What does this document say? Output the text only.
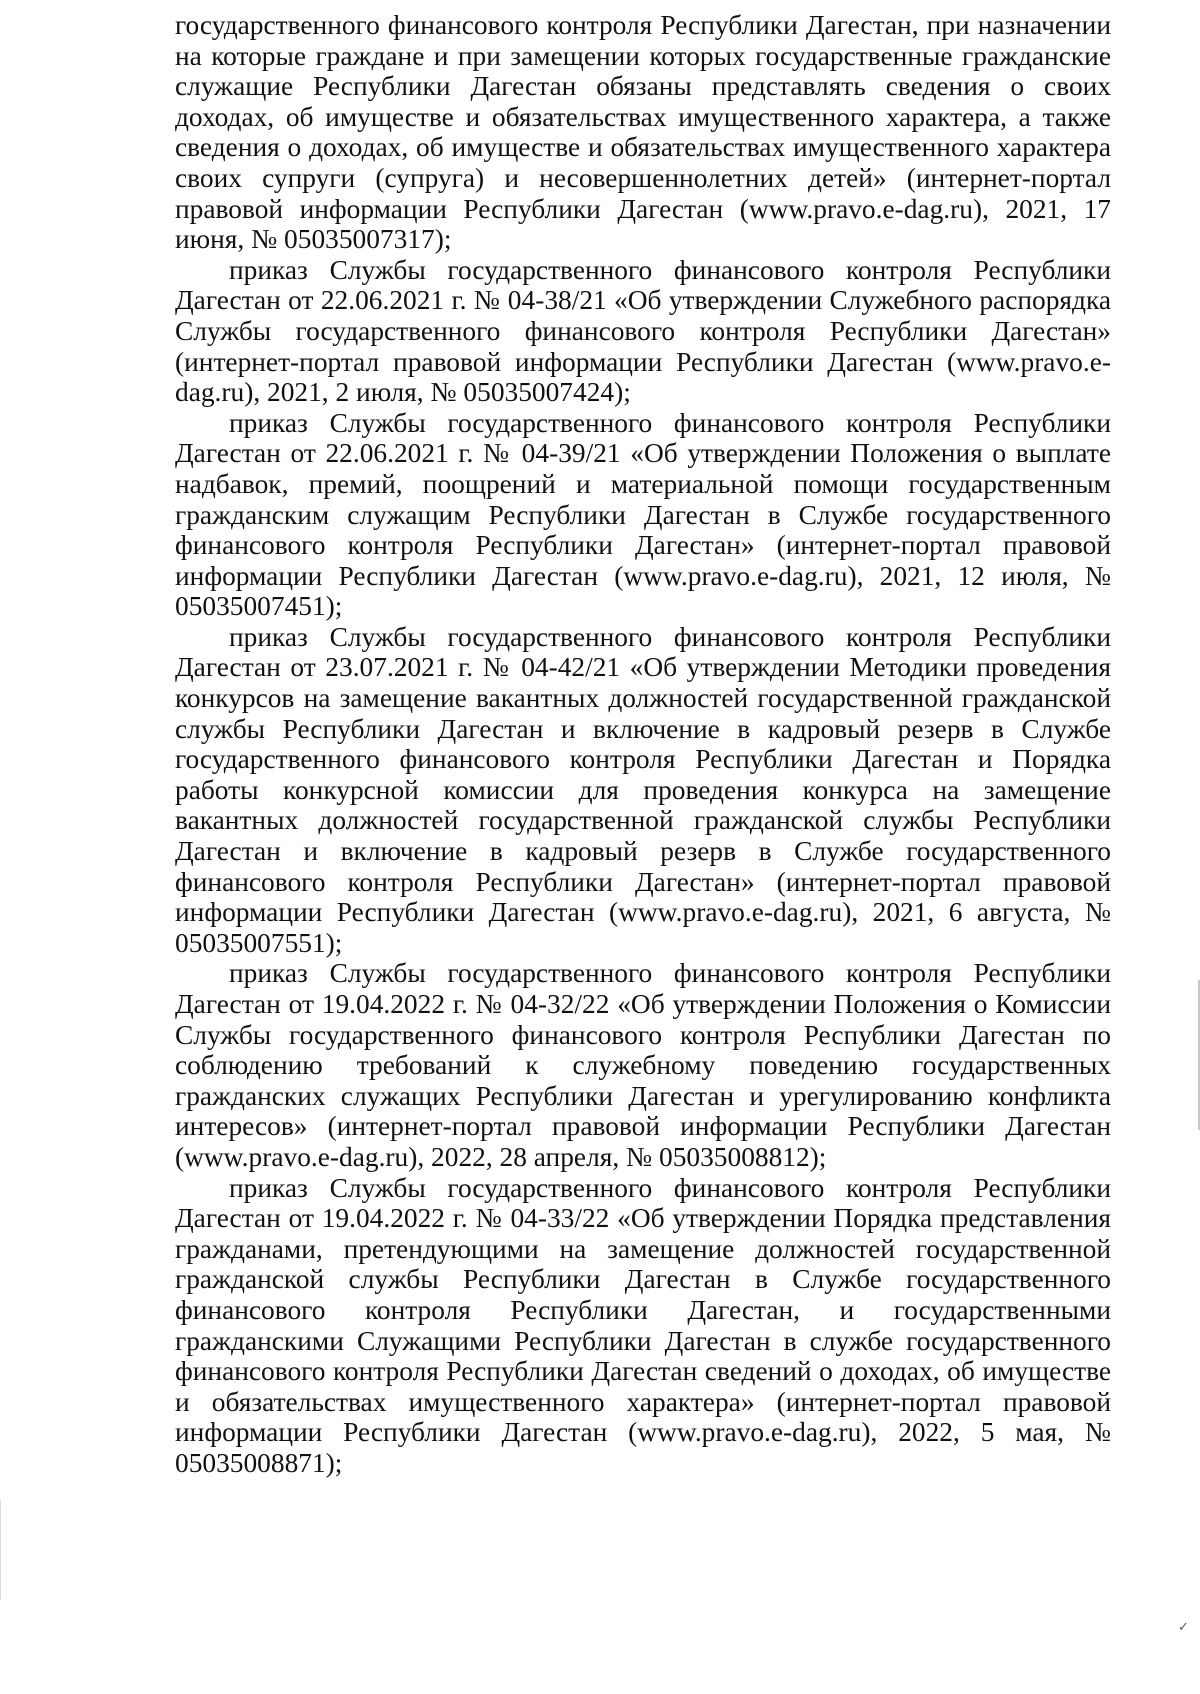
государственного финансового контроля Республики Дагестан, при назначении на которые граждане и при замещении которых государственные гражданские служащие Республики Дагестан обязаны представлять сведения о своих доходах, об имуществе и обязательствах имущественного характера, а также сведения о доходах, об имуществе и обязательствах имущественного характера своих супруги (супруга) и несовершеннолетних детей» (интернет-портал правовой информации Республики Дагестан (www.pravo.e-dag.ru), 2021, 17 июня, № 05035007317);

приказ Службы государственного финансового контроля Республики Дагестан от 22.06.2021 г. № 04-38/21 «Об утверждении Служебного распорядка Службы государственного финансового контроля Республики Дагестан» (интернет-портал правовой информации Республики Дагестан (www.pravo.e-dag.ru), 2021, 2 июля, № 05035007424);

приказ Службы государственного финансового контроля Республики Дагестан от 22.06.2021 г. № 04-39/21 «Об утверждении Положения о выплате надбавок, премий, поощрений и материальной помощи государственным гражданским служащим Республики Дагестан в Службе государственного финансового контроля Республики Дагестан» (интернет-портал правовой информации Республики Дагестан (www.pravo.e-dag.ru), 2021, 12 июля, № 05035007451);

приказ Службы государственного финансового контроля Республики Дагестан от 23.07.2021 г. № 04-42/21 «Об утверждении Методики проведения конкурсов на замещение вакантных должностей государственной гражданской службы Республики Дагестан и включение в кадровый резерв в Службе государственного финансового контроля Республики Дагестан и Порядка работы конкурсной комиссии для проведения конкурса на замещение вакантных должностей государственной гражданской службы Республики Дагестан и включение в кадровый резерв в Службе государственного финансового контроля Республики Дагестан» (интернет-портал правовой информации Республики Дагестан (www.pravo.e-dag.ru), 2021, 6 августа, № 05035007551);

приказ Службы государственного финансового контроля Республики Дагестан от 19.04.2022 г. № 04-32/22 «Об утверждении Положения о Комиссии Службы государственного финансового контроля Республики Дагестан по соблюдению требований к служебному поведению государственных гражданских служащих Республики Дагестан и урегулированию конфликта интересов» (интернет-портал правовой информации Республики Дагестан (www.pravo.e-dag.ru), 2022, 28 апреля, № 05035008812);

приказ Службы государственного финансового контроля Республики Дагестан от 19.04.2022 г. № 04-33/22 «Об утверждении Порядка представления гражданами, претендующими на замещение должностей государственной гражданской службы Республики Дагестан в Службе государственного финансового контроля Республики Дагестан, и государственными гражданскими Служащими Республики Дагестан в службе государственного финансового контроля Республики Дагестан сведений о доходах, об имуществе и обязательствах имущественного характера» (интернет-портал правовой информации Республики Дагестан (www.pravo.e-dag.ru), 2022, 5 мая, № 05035008871);

✓
